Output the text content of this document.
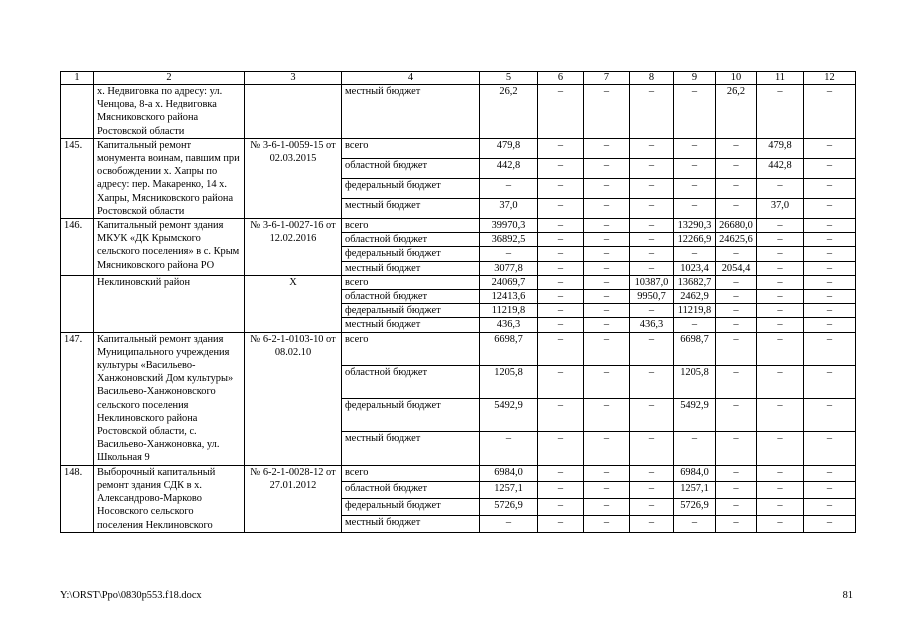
1	2	3	4	5	6	7	8	9	10	11	12
	х. Недвиговка по адресу: ул. Ченцова, 8-а х. Недвиговка Мясниковского района Ростовской области		местный бюджет	26,2	–	–	–	–	26,2	–	–
145.	Капитальный ремонт монумента воинам, павшим при освобождении х. Хапры по адресу: пер. Макаренко, 14 х. Хапры, Мясниковского района Ростовской области	№ 3-6-1-0059-15 от 02.03.2015	всего	479,8	–	–	–	–	–	479,8	–
			областной бюджет	442,8	–	–	–	–	–	442,8	–
			федеральный бюджет	–	–	–	–	–	–	–	–
			местный бюджет	37,0	–	–	–	–	–	37,0	–
146.	Капитальный ремонт здания МКУК «ДК Крымского сельского поселения» в с. Крым Мясниковского района РО	№ 3-6-1-0027-16 от 12.02.2016	всего	39970,3	–	–	–	13290,3	26680,0	–	–
			областной бюджет	36892,5	–	–	–	12266,9	24625,6	–	–
			федеральный бюджет	–	–	–	–	–	–	–	–
			местный бюджет	3077,8	–	–	–	1023,4	2054,4	–	–
	Неклиновский район	Х	всего	24069,7	–	–	10387,0	13682,7	–	–	–
			областной бюджет	12413,6	–	–	9950,7	2462,9	–	–	–
			федеральный бюджет	11219,8	–	–	–	11219,8	–	–	–
			местный бюджет	436,3	–	–	436,3	–	–	–	–
147.	Капитальный ремонт здания Муниципального учреждения культуры «Васильево-Ханжоновский Дом культуры» Васильево-Ханжоновского сельского поселения Неклиновского района Ростовской области, с. Васильево-Ханжоновка, ул. Школьная 9	№ 6-2-1-0103-10 от 08.02.10	всего	6698,7	–	–	–	6698,7	–	–	–
			областной бюджет	1205,8	–	–	–	1205,8	–	–	–
			федеральный бюджет	5492,9	–	–	–	5492,9	–	–	–
			местный бюджет	–	–	–	–	–	–	–	–
148.	Выборочный капитальный ремонт здания СДК в х. Александрово-Марково Носовского сельского поселения Неклиновского	№ 6-2-1-0028-12 от 27.01.2012	всего	6984,0	–	–	–	6984,0	–	–	–
			областной бюджет	1257,1	–	–	–	1257,1	–	–	–
			федеральный бюджет	5726,9	–	–	–	5726,9	–	–	–
			местный бюджет	–	–	–	–	–	–	–	–
Y:\ORST\Ppo\0830p553.f18.docx	81
